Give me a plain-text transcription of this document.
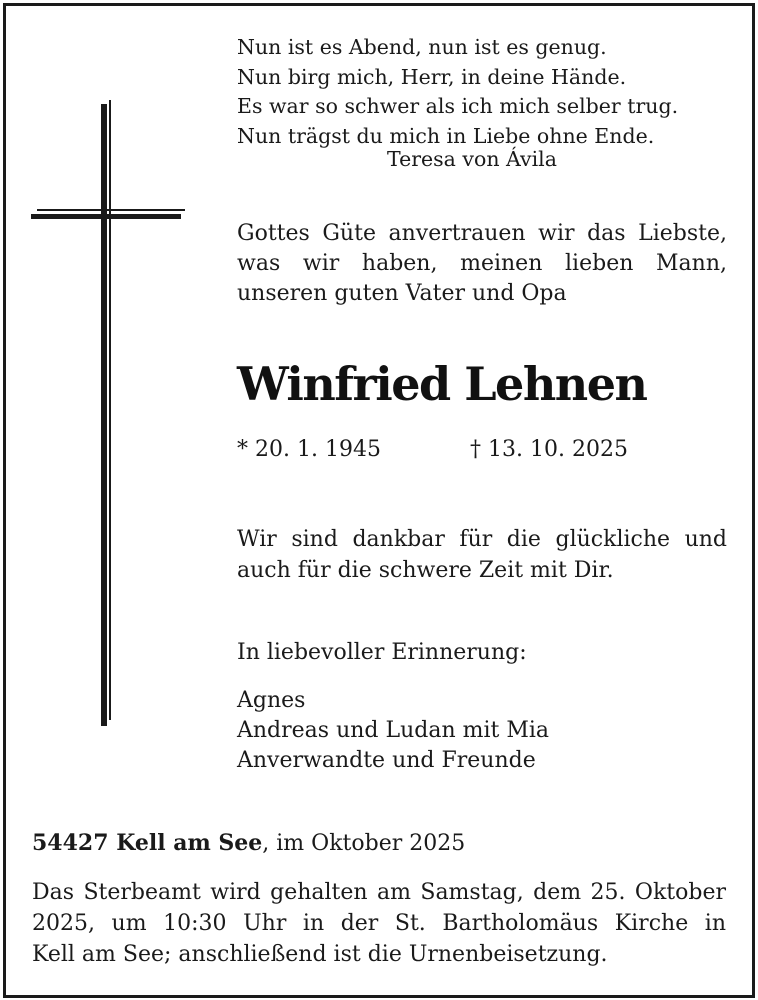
Nun ist es Abend, nun ist es genug.
Nun birg mich, Herr, in deine Hände.
Es war so schwer als ich mich selber trug.
Nun trägst du mich in Liebe ohne Ende.
Teresa von Ávila
Gottes Güte anvertrauen wir das Liebste,
was wir haben, meinen lieben Mann,
unseren guten Vater und Opa
Winfried Lehnen
* 20. 1. 1945	† 13. 10. 2025
Wir sind dankbar für die glückliche und
auch für die schwere Zeit mit Dir.
In liebevoller Erinnerung:
Agnes
Andreas und Ludan mit Mia
Anverwandte und Freunde
54427 Kell am See, im Oktober 2025
Das Sterbeamt wird gehalten am Samstag, dem 25. Oktober
2025, um 10:30 Uhr in der St. Bartholomäus Kirche in
Kell am See; anschließend ist die Urnenbeisetzung.
